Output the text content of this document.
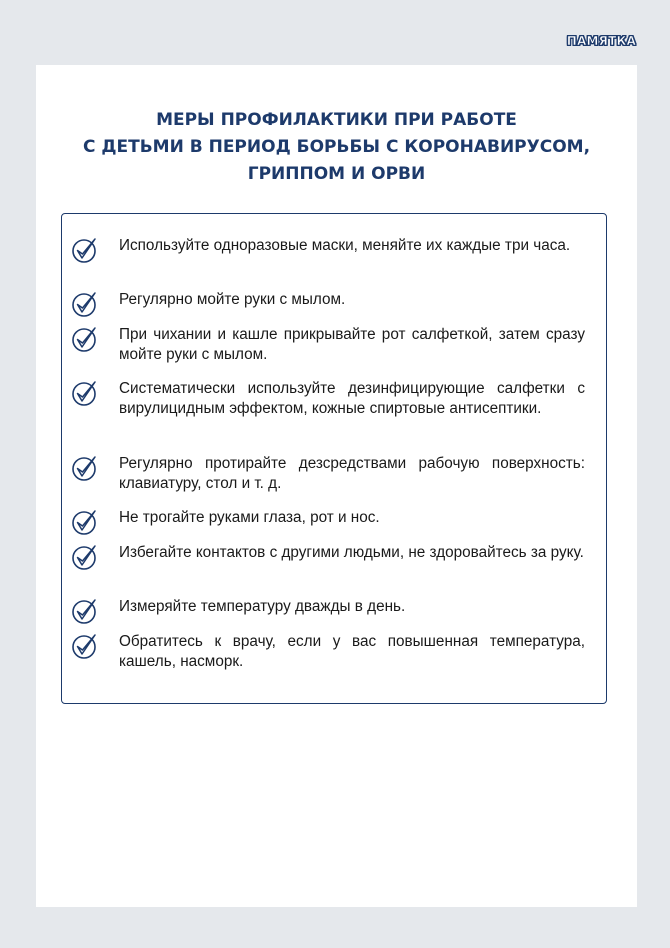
ПАМЯТКА
МЕРЫ ПРОФИЛАКТИКИ ПРИ РАБОТЕ
С ДЕТЬМИ В ПЕРИОД БОРЬБЫ С КОРОНАВИРУСОМ,
ГРИППОМ И ОРВИ
Используйте одноразовые маски, меняйте их каждые три часа.
Регулярно мойте руки с мылом.
При чихании и кашле прикрывайте рот салфеткой, затем сразу мойте руки с мылом.
Систематически используйте дезинфицирующие салфетки с вирулицидным эффектом, кожные спиртовые антисептики.
Регулярно протирайте дезсредствами рабочую поверхность: клавиатуру, стол и т. д.
Не трогайте руками глаза, рот и нос.
Избегайте контактов с другими людьми, не здоровайтесь за руку.
Измеряйте температуру дважды в день.
Обратитесь к врачу, если у вас повышенная температура, кашель, насморк.
